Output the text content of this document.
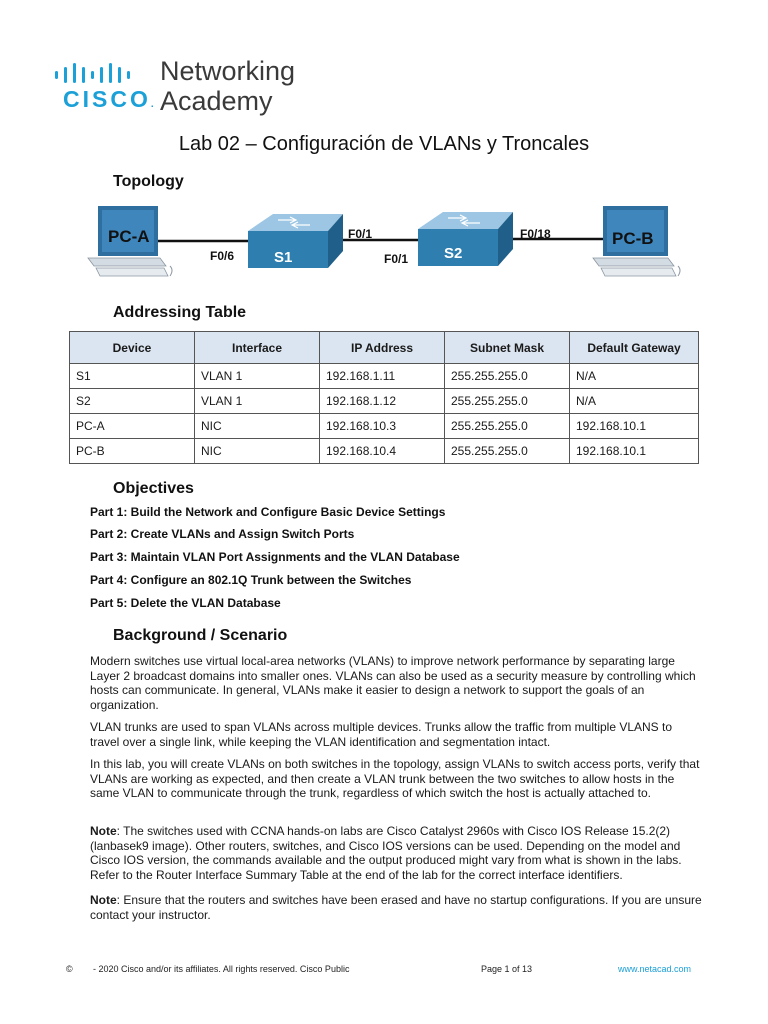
CISCO.
Networking
Academy
Lab 02 – Configuración de VLANs y Troncales
Topology
PC-A
S1	S2
PC-B
F0/6
F0/1
F0/1
F0/18
Addressing Table
Device	Interface	IP Address	Subnet Mask	Default Gateway
S1	VLAN 1	192.168.1.11	255.255.255.0	N/A
S2	VLAN 1	192.168.1.12	255.255.255.0	N/A
PC-A	NIC	192.168.10.3	255.255.255.0	192.168.10.1
PC-B	NIC	192.168.10.4	255.255.255.0	192.168.10.1
Objectives
Part 1: Build the Network and Configure Basic Device Settings
Part 2: Create VLANs and Assign Switch Ports
Part 3: Maintain VLAN Port Assignments and the VLAN Database
Part 4: Configure an 802.1Q Trunk between the Switches
Part 5: Delete the VLAN Database
Background / Scenario

Modern switches use virtual local-area networks (VLANs) to improve network performance by separating large Layer 2 broadcast domains into smaller ones. VLANs can also be used as a security measure by controlling which hosts can communicate. In general, VLANs make it easier to design a network to support the goals of an organization.

VLAN trunks are used to span VLANs across multiple devices. Trunks allow the traffic from multiple VLANS to travel over a single link, while keeping the VLAN identification and segmentation intact.

In this lab, you will create VLANs on both switches in the topology, assign VLANs to switch access ports, verify that VLANs are working as expected, and then create a VLAN trunk between the two switches to allow hosts in the same VLAN to communicate through the trunk, regardless of which switch the host is actually attached to.

Note: The switches used with CCNA hands-on labs are Cisco Catalyst 2960s with Cisco IOS Release 15.2(2) (lanbasek9 image). Other routers, switches, and Cisco IOS versions can be used. Depending on the model and Cisco IOS version, the commands available and the output produced might vary from what is shown in the labs. Refer to the Router Interface Summary Table at the end of the lab for the correct interface identifiers.

Note: Ensure that the routers and switches have been erased and have no startup configurations. If you are unsure contact your instructor.

© - 2020 Cisco and/or its affiliates. All rights reserved. Cisco Public	Page 1 of 13	www.netacad.com
